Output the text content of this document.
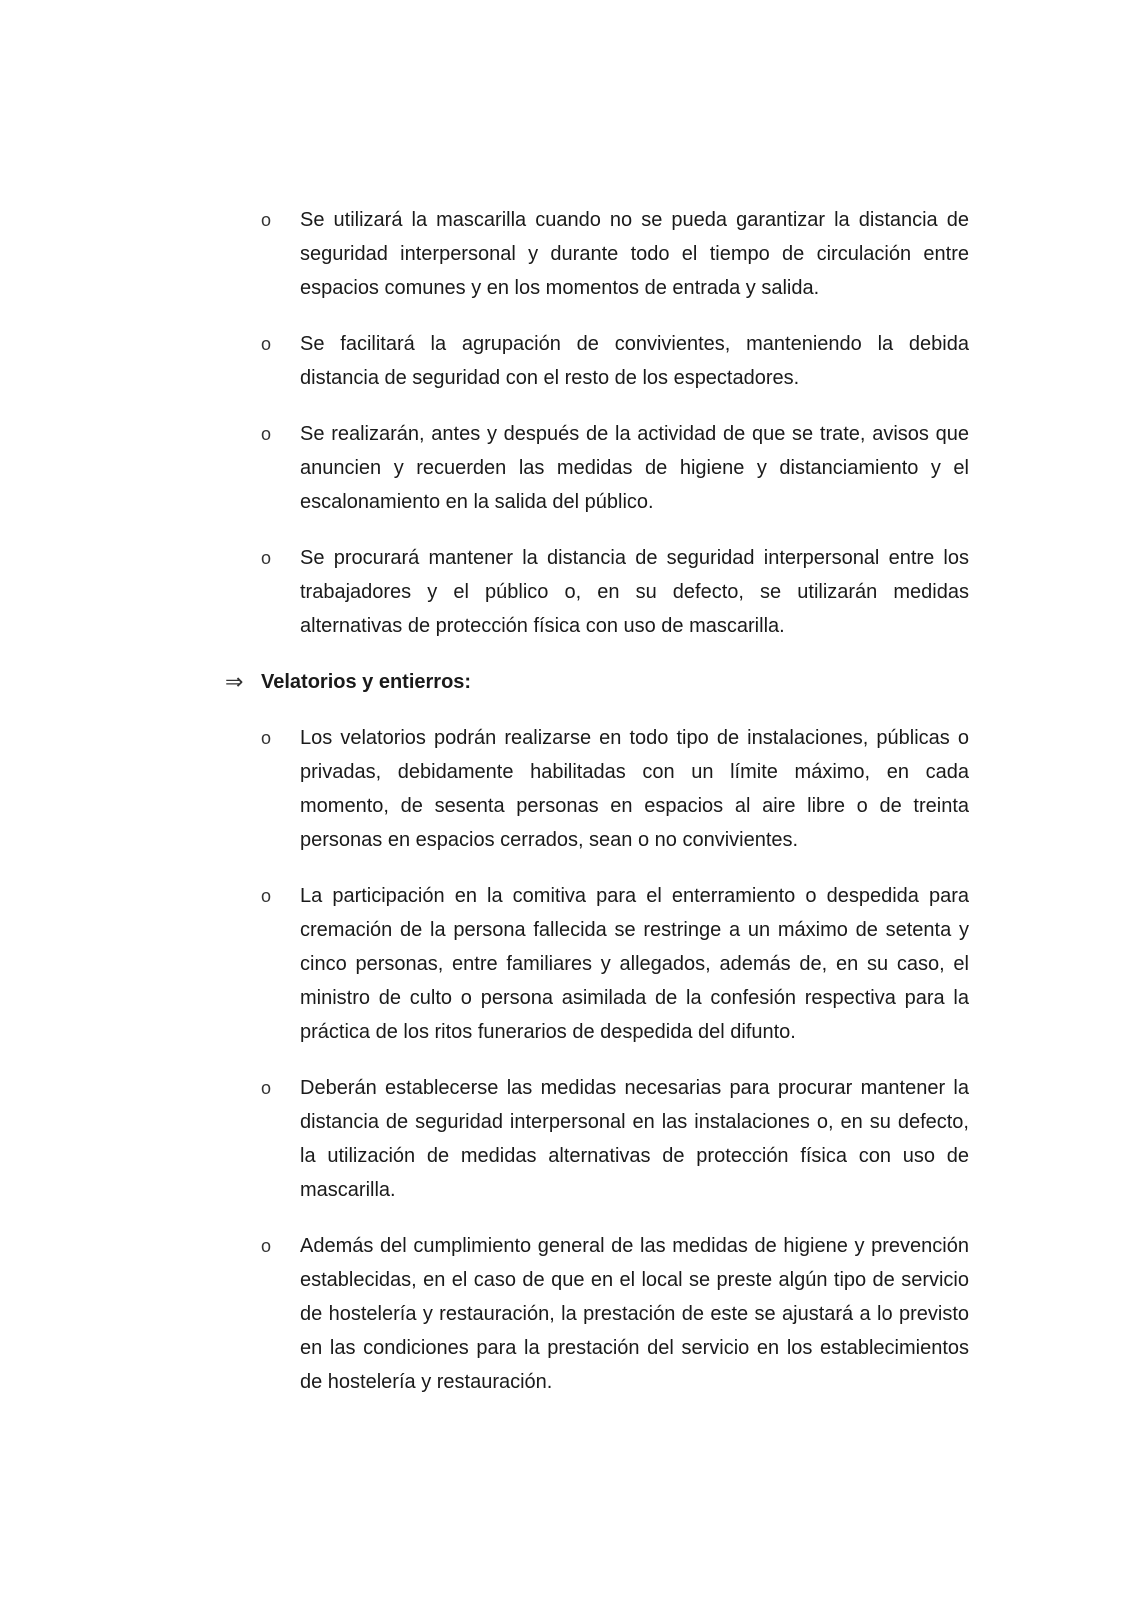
o Se utilizará la mascarilla cuando no se pueda garantizar la distancia de seguridad interpersonal y durante todo el tiempo de circulación entre espacios comunes y en los momentos de entrada y salida.
o Se facilitará la agrupación de convivientes, manteniendo la debida distancia de seguridad con el resto de los espectadores.
o Se realizarán, antes y después de la actividad de que se trate, avisos que anuncien y recuerden las medidas de higiene y distanciamiento y el escalonamiento en la salida del público.
o Se procurará mantener la distancia de seguridad interpersonal entre los trabajadores y el público o, en su defecto, se utilizarán medidas alternativas de protección física con uso de mascarilla.
⇒ Velatorios y entierros:
o Los velatorios podrán realizarse en todo tipo de instalaciones, públicas o privadas, debidamente habilitadas con un límite máximo, en cada momento, de sesenta personas en espacios al aire libre o de treinta personas en espacios cerrados, sean o no convivientes.
o La participación en la comitiva para el enterramiento o despedida para cremación de la persona fallecida se restringe a un máximo de setenta y cinco personas, entre familiares y allegados, además de, en su caso, el ministro de culto o persona asimilada de la confesión respectiva para la práctica de los ritos funerarios de despedida del difunto.
o Deberán establecerse las medidas necesarias para procurar mantener la distancia de seguridad interpersonal en las instalaciones o, en su defecto, la utilización de medidas alternativas de protección física con uso de mascarilla.
o Además del cumplimiento general de las medidas de higiene y prevención establecidas, en el caso de que en el local se preste algún tipo de servicio de hostelería y restauración, la prestación de este se ajustará a lo previsto en las condiciones para la prestación del servicio en los establecimientos de hostelería y restauración.
